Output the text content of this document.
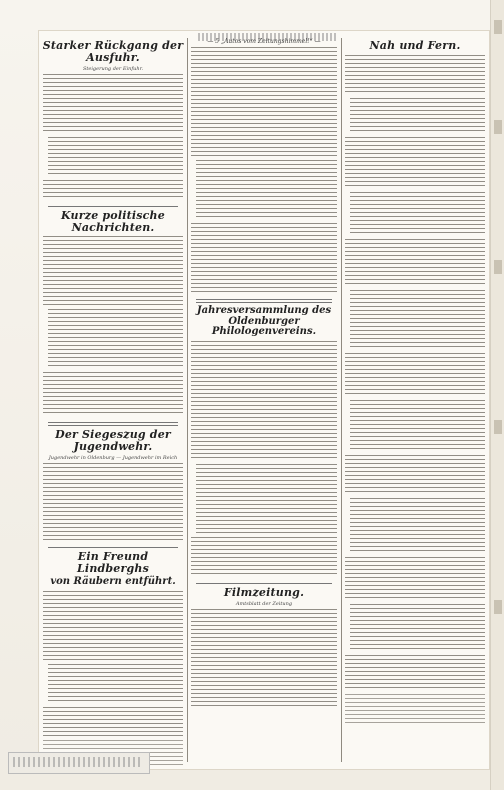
Starker Rückgang der Ausfuhr.
Steigerung der Einfuhr.
Kurze politische Nachrichten.
Der Siegeszug der Jugendwehr.
Jugendwehr in Oldenburg — Jugendwehr im Reich
Ein Freund Lindberghs
von Räubern entführt.
— 5 „Autos vom Zeitungshimmel!“ —
Jahresversammlung des Oldenburger Philologenvereins.
Filmzeitung.
Amtsblatt der Zeitung
Nah und Fern.
